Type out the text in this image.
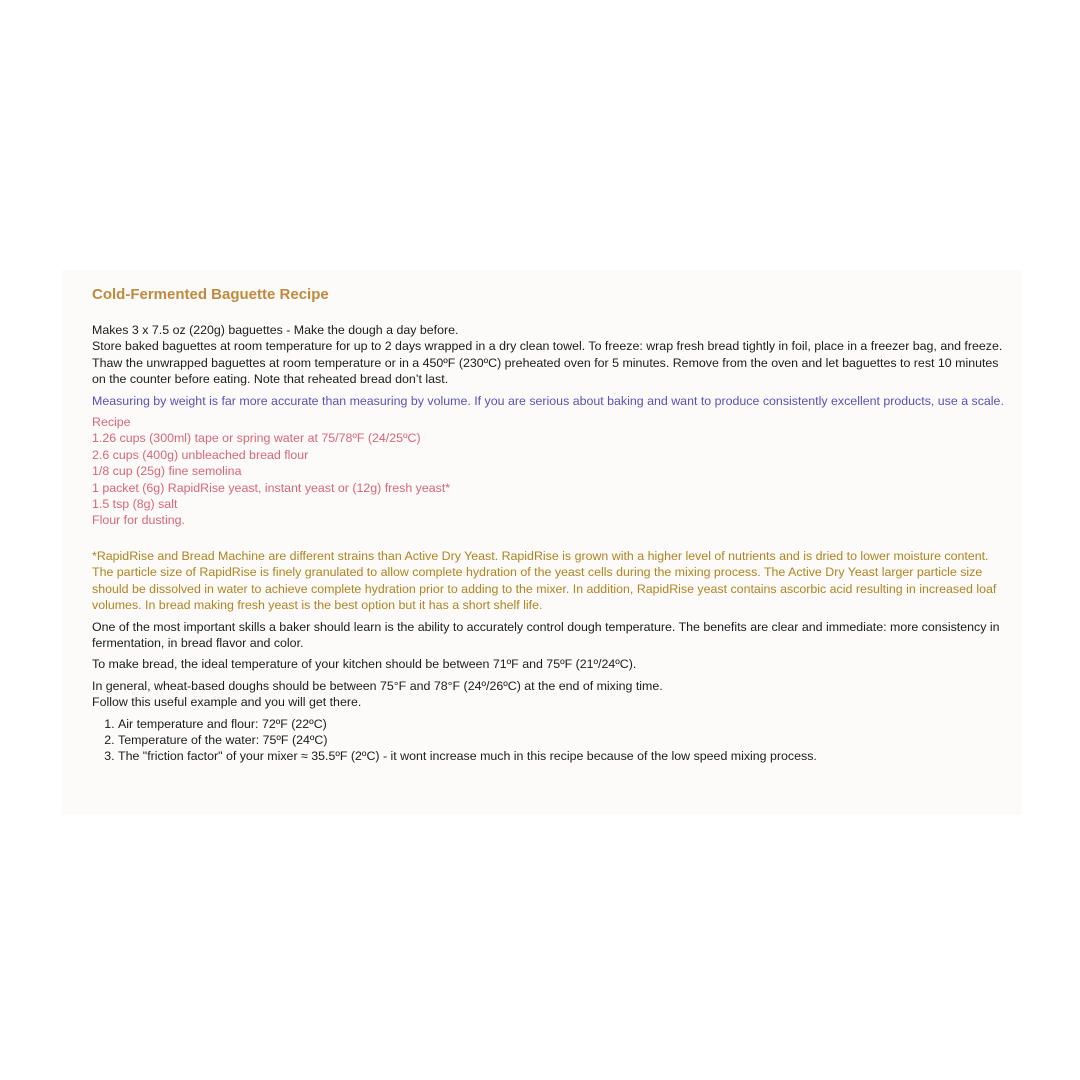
Cold-Fermented Baguette Recipe

Makes 3 x 7.5 oz (220g) baguettes - Make the dough a day before.

Store baked baguettes at room temperature for up to 2 days wrapped in a dry clean towel. To freeze: wrap fresh bread tightly in foil, place in a freezer bag, and freeze. Thaw the unwrapped baguettes at room temperature or in a 450ºF (230ºC) preheated oven for 5 minutes. Remove from the oven and let baguettes to rest 10 minutes on the counter before eating. Note that reheated bread don’t last.

Measuring by weight is far more accurate than measuring by volume. If you are serious about baking and want to produce consistently excellent products, use a scale.

Recipe
1.26 cups (300ml) tape or spring water at 75/78ºF (24/25ºC)
2.6 cups (400g) unbleached bread flour
1/8 cup (25g) fine semolina
1 packet (6g) RapidRise yeast, instant yeast or (12g) fresh yeast*
1.5 tsp (8g) salt
Flour for dusting.

*RapidRise and Bread Machine are different strains than Active Dry Yeast. RapidRise is grown with a higher level of nutrients and is dried to lower moisture content. The particle size of RapidRise is finely granulated to allow complete hydration of the yeast cells during the mixing process. The Active Dry Yeast larger particle size should be dissolved in water to achieve complete hydration prior to adding to the mixer. In addition, RapidRise yeast contains ascorbic acid resulting in increased loaf volumes. In bread making fresh yeast is the best option but it has a short shelf life.

One of the most important skills a baker should learn is the ability to accurately control dough temperature. The benefits are clear and immediate: more consistency in fermentation, in bread flavor and color.

To make bread, the ideal temperature of your kitchen should be between 71ºF and 75ºF (21º/24ºC).

In general, wheat-based doughs should be between 75°F and 78°F (24º/26ºC) at the end of mixing time.

Follow this useful example and you will get there.

1. Air temperature and flour: 72ºF (22ºC)
2. Temperature of the water: 75ºF (24ºC)
3. The "friction factor" of your mixer ≈ 35.5ºF (2ºC) - it wont increase much in this recipe because of the low speed mixing process.
